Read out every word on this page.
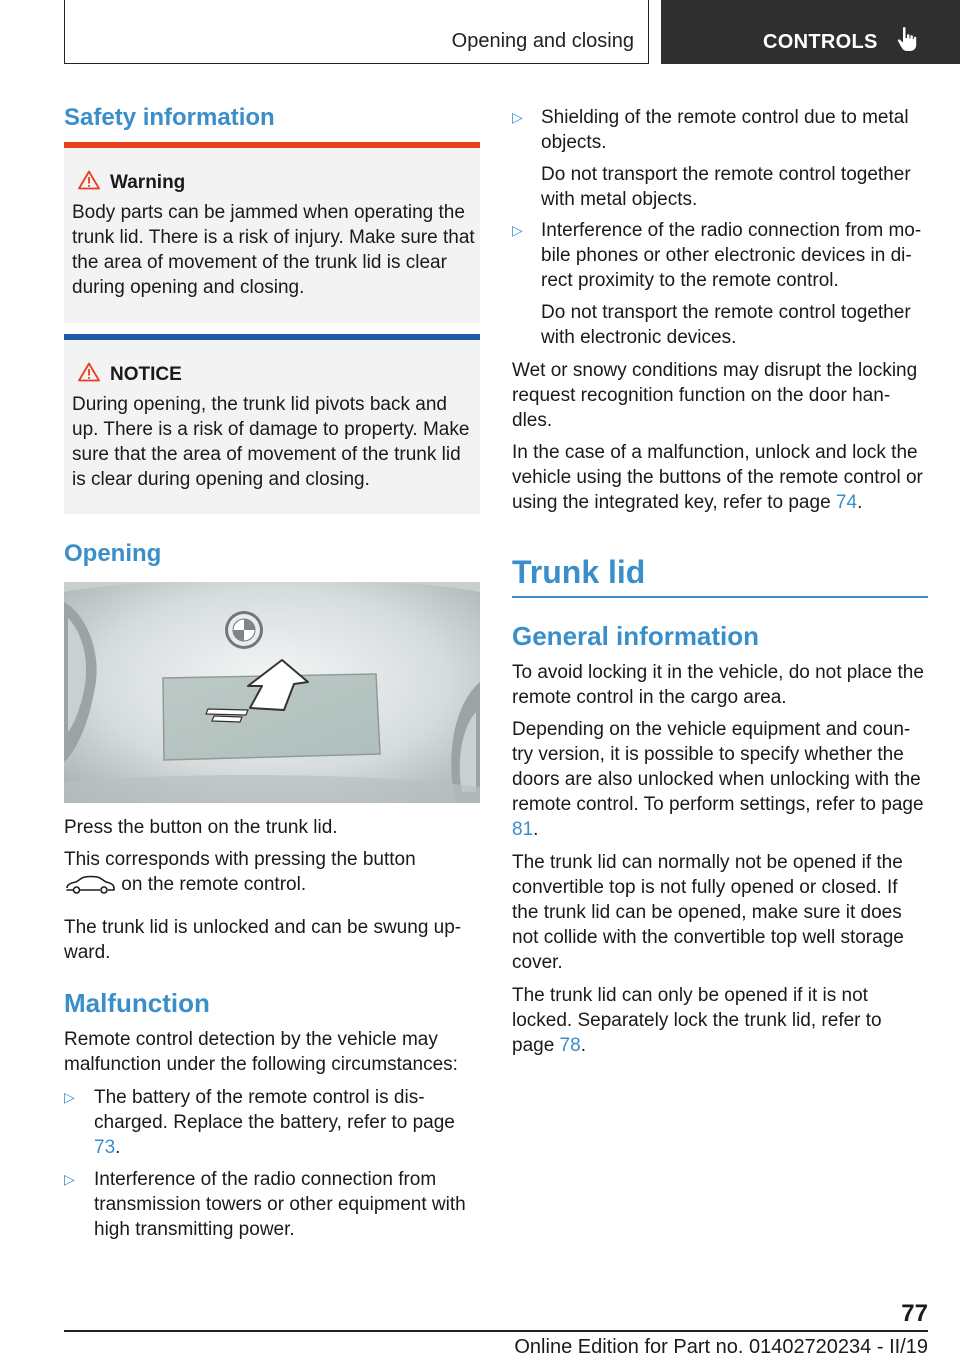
Opening and closing	CONTROLS
Safety information
Warning
Body parts can be jammed when operating the trunk lid. There is a risk of injury. Make sure that the area of movement of the trunk lid is clear during opening and closing.
NOTICE
During opening, the trunk lid pivots back and up. There is a risk of damage to property. Make sure that the area of movement of the trunk lid is clear during opening and closing.
Opening
Press the button on the trunk lid.
This corresponds with pressing the button
on the remote control.
The trunk lid is unlocked and can be swung up-ward.
Malfunction
Remote control detection by the vehicle may malfunction under the following circumstances:
▷ The battery of the remote control is dis-charged. Replace the battery, refer to page 73.
▷ Interference of the radio connection from transmission towers or other equipment with high transmitting power.
▷ Shielding of the remote control due to metal objects.
Do not transport the remote control together with metal objects.
▷ Interference of the radio connection from mo-bile phones or other electronic devices in di-rect proximity to the remote control.
Do not transport the remote control together with electronic devices.
Wet or snowy conditions may disrupt the locking request recognition function on the door han-dles.
In the case of a malfunction, unlock and lock the vehicle using the buttons of the remote control or using the integrated key, refer to page 74.
Trunk lid
General information
To avoid locking it in the vehicle, do not place the remote control in the cargo area.
Depending on the vehicle equipment and coun-try version, it is possible to specify whether the doors are also unlocked when unlocking with the remote control. To perform settings, refer to page 81.
The trunk lid can normally not be opened if the convertible top is not fully opened or closed. If the trunk lid can be opened, make sure it does not collide with the convertible top well storage cover.
The trunk lid can only be opened if it is not locked. Separately lock the trunk lid, refer to page 78.
77
Online Edition for Part no. 01402720234 - II/19
